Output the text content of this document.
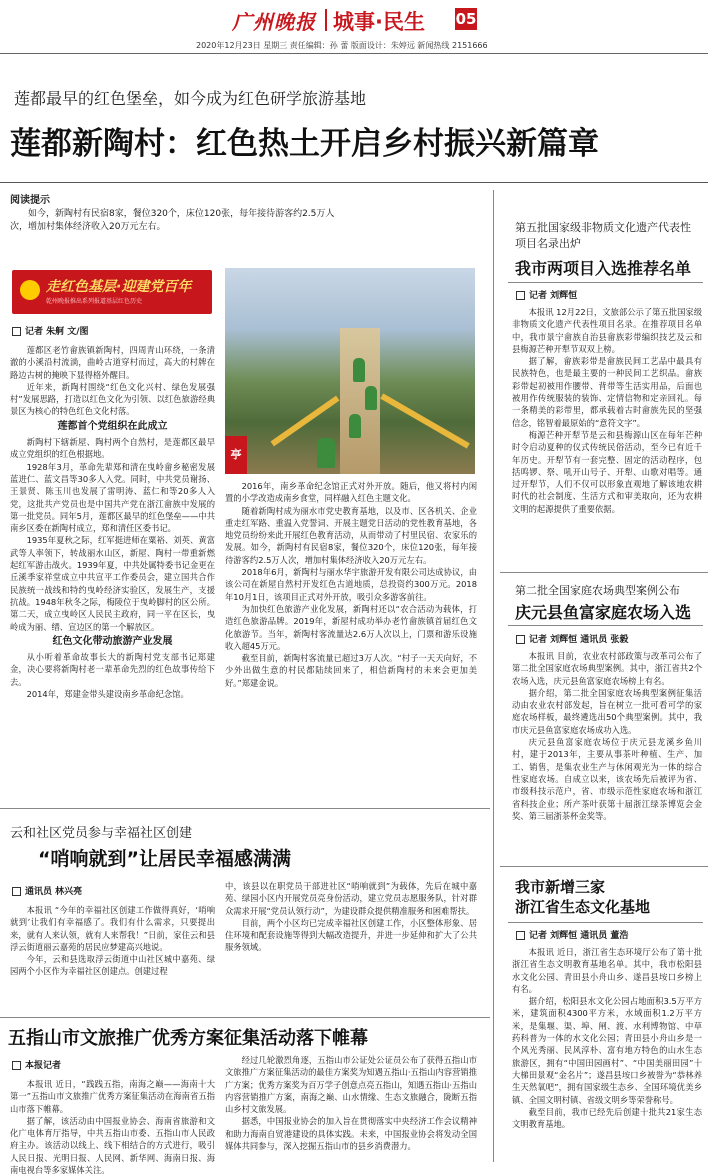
广州晚报 城事·民生 05
2020年12月23日 星期三 责任编辑：孙 蕾 版面设计：朱婷远 新闻热线 2151666
莲都最早的红色堡垒，如今成为红色研学旅游基地
莲都新陶村：红色热土开启乡村振兴新篇章
阅读提示
如今，新陶村有民宿8家，餐位320个，床位120张，每年接待游客约2.5万人次，增加村集体经济收入20万元左右。
走红色基层·迎建党百年
乾州晚报推出系列报道基层红色历史
亭
记者 朱舸 文/图

莲都区老竹畲族镇新陶村，四周青山环绕，一条清澈的小溪沿村流淌，曲岭古道穿村而过，高大的村牌在路边古树的掩映下显得格外醒目。

近年来，新陶村围绕“红色文化兴村、绿色发展强村”发展思路，打造以红色文化为引领、以红色旅游经典景区为核心的特色红色文化村落。

莲都首个党组织在此成立

新陶村下辖新屋、陶村两个自然村，是莲都区最早成立党组织的红色根据地。

1928年3月，革命先辈郑和清在曳岭畲乡秘密发展蓝进仁、蓝文昌等30多人入党。同时，中共党员谢扬、王景贤、陈玉川也发展了雷明涛、蓝仁和等20多人入党，这批共产党员也是中国共产党在浙江畲族中发展的第一批党员。同年5月，莲都区最早的红色堡垒——中共南乡区委在新陶村成立，郑和清任区委书记。

1935年夏秋之际，红军挺进师在粟裕、刘英、黄富武等人率领下，转战丽水山区，新屋、陶村一带重新燃起红军游击战火。1939年夏，中共处属特委书记金更在丘溪季家祥堂成立中共宣平工作委员会，建立国共合作民族统一战线和特约曳岭经济实验区，发展生产，支援抗战。1948年秋冬之际，梅陵位于曳岭脚村的区公所。第二天，成立曳岭区人民民主政府，同一平在区长，曳岭成为丽、缙、宣边区的第一个解放区。

红色文化带动旅游产业发展

从小听着革命故事长大的新陶村党支部书记郑建金，决心要将新陶村老一辈革命先烈的红色故事传给下去。

2014年，郑建金带头建设南乡革命纪念馆。

2016年，南乡革命纪念馆正式对外开放。随后，他又将村内闲置的小学改造成南乡食堂，同样融入红色主题文化。

随着新陶村成为丽水市党史教育基地，以及市、区各机关、企业重走红军路、重温入党誓词、开展主题党日活动的党性教育基地，各地党员纷纷来此开展红色教育活动，从而带动了村里民宿、农家乐的发展。如今，新陶村有民宿8家，餐位320个，床位120张，每年接待游客约2.5万人次，增加村集体经济收入20万元左右。

2018年6月，新陶村与丽水华宇旅游开发有限公司达成协议，由该公司在新屋自然村开发红色古道地质，总投资约300万元。2018年10月1日，该项目正式对外开放，吸引众多游客前往。

为加快红色旅游产业化发展，新陶村还以“农合活动为载体，打造红色旅游品牌。2019年，新屋村成功举办老竹畲族镇首届红色文化旅游节。当年，新陶村客流量达2.6万人次以上，门票和游乐设施收入超45万元。

截至目前，新陶村客流量已超过3万人次。“村子一天天向好，不少外出做生意的村民都陆续回来了，相信新陶村的未来会更加美好。”郑建金说。

云和社区党员参与幸福社区创建
“哨响就到”让居民幸福感满满
通讯员 林兴亮

本报讯 “今年的幸福社区创建工作做得真好，‘哨响就到’让我们有幸福感了。我们有什么需求，只要提出来，就有人来认领，就有人来帮我！”日前，家住云和县浮云街道丽云嘉苑的居民应梦建高兴地说。

今年，云和县选取浮云街道中山社区城中嘉苑、绿园两个小区作为幸福社区创建点。创建过程

中，该县以在职党员干部进社区“哨响就到”为载体，先后在城中嘉苑、绿园小区内开展党员亮身份活动，建立党员志愿服务队，针对群众需求开展“党员认领行动”，为建设群众提供精准服务和困难帮扶。

目前，两个小区均已完成幸福社区创建工作，小区整体形象、居住环境和配套设施等得到大幅改造提升，并进一步延伸和扩大了公共服务领域。

五指山市文旅推广优秀方案征集活动落下帷幕
本报记者

本报讯 近日，“践践五指，南海之巅——海南十大第一”五指山市文旅推广优秀方案征集活动在海南省五指山市落下帷幕。

据了解，该活动由中国报业协会、海南省旅游和文化广电体育厅指导，中共五指山市委、五指山市人民政府主办。该活动以线上、线下相结合的方式进行，吸引人民日报、光明日报、人民网、新华网、海南日报、海南电视台等多家媒体关注。

经过几轮激烈角逐，五指山市公证处公证员公布了获得五指山市文旅推广方案征集活动的最佳方案奖为知遇五指山·五指山内容营销推广方案；优秀方案奖为百万学子创意点亮五指山，知遇五指山·五指山内容营销推广方案，南海之巅、山水情缘、生态文旅融合，陇断五指山乡村文旅发展。

据悉，中国报业协会的加入旨在贯彻落实中央经济工作会议精神和助力海南自贸港建设的具体实践。未来，中国报业协会将发动全国媒体共同参与，深入挖掘五指山市的县乡消费潜力。

第五批国家级非物质文化遗产代表性项目名录出炉
我市两项目入选推荐名单
记者 刘辉恒

本报讯 12月22日，文旅部公示了第五批国家级非物质文化遗产代表性项目名录。在推荐项目名单中，我市景宁畲族自治县畲族彩带编织技艺及云和县梅源芒种开犁节双双上榜。

据了解，畲族彩带是畲族民间工艺品中最具有民族特色，也是最主要的一种民间工艺织品。畲族彩带起初被用作腰带、背带等生活实用品，后面也被用作传统服装的装饰、定情信物和定亲回礼。每一条精美的彩带里，都承载着古时畲族先民的坚强信念，铭智着最原始的“意符文字”。

梅源芒种开犁节是云和县梅源山区在每年芒种时令启动夏种的仪式传统民俗活动，至今已有近千年历史。开犁节有一套完整、固定的活动程序，包括鸣锣、祭、吼开山号子、开犁、山歌对唱等。通过开犁节，人们不仅可以形象直观地了解该地农耕时代的社会制度、生活方式和审美取向，还为农耕文明的起源提供了重要依据。

第二批全国家庭农场典型案例公布
庆元县鱼富家庭农场入选
记者 刘辉恒 通讯员 张毅

本报讯 目前，农业农村部政策与改革司公布了第二批全国家庭农场典型案例。其中，浙江省共2个农场入选，庆元县鱼富家庭农场榜上有名。

据介绍，第二批全国家庭农场典型案例征集活动由农业农村部发起，旨在树立一批可看可学的家庭农场样板，最终遴选出50个典型案例。其中，我市庆元县鱼富家庭农场成功入选。

庆元县鱼富家庭农场位于庆元县龙溪乡鱼川村，建于2013年，主要从事茶叶种植、生产、加工、销售，是集农业生产与休闲观光为一体的综合性家庭农场。自成立以来，该农场先后被评为省、市级科技示范户，省、市级示范性家庭农场和浙江省科技企业；所产茶叶获第十届浙江绿茶博览会金奖、第三届浙茶杯金奖等。

我市新增三家
浙江省生态文化基地
记者 刘辉恒 通讯员 董浩

本报讯 近日，浙江省生态环境厅公布了第十批浙江省生态文明教育基地名单。其中，我市松阳县水文化公园、青田县小舟山乡、遂昌县垵口乡榜上有名。

据介绍，松阳县水文化公园占地面积3.5万平方米，建筑面积4300平方米，水域面积1.2万平方米，是集堰、渠、埠、闸、渡、水利博物馆、中草药科普为一体的水文化公园；青田县小舟山乡是一个风光秀丽、民风淳朴、富有地方特色的山水生态旅游区，拥有“中国田园画村”、“中国美丽田园”十大梯田景观“金名片”；遂昌县垵口乡被誉为“恭林养生天然氧吧”，拥有国家级生态乡、全国环境优美乡镇、全国文明村镇、省级文明乡等荣誉称号。

截至目前，我市已经先后创建十批共21家生态文明教育基地。
